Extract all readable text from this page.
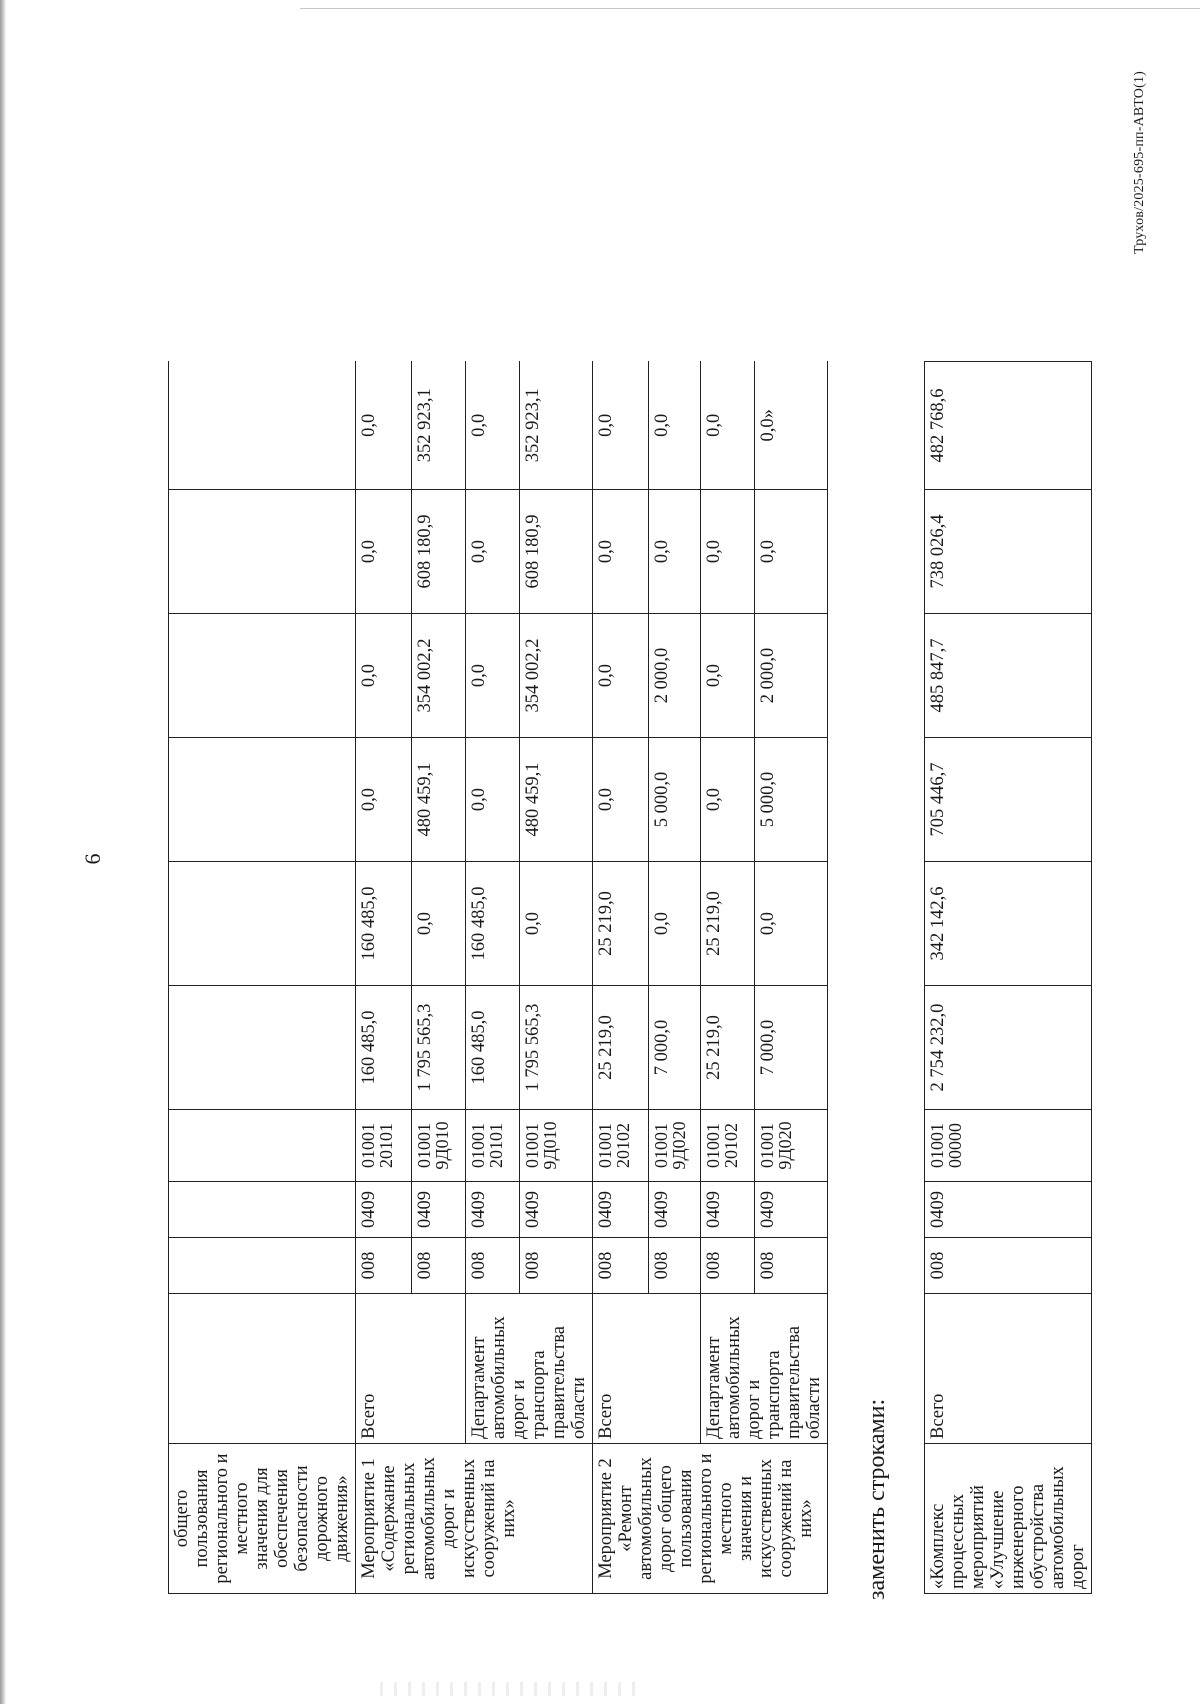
6
общего пользования регионального и местного значения для обеспечения безопасности дорожного движения»										
Мероприятие 1 «Содержание региональных автомобильных дорог и искусственных сооружений на них»	Всего	008	0409	01001 20101	160 485,0	160 485,0	0,0	0,0	0,0	0,0
		008	0409	01001 9Д010	1 795 565,3	0,0	480 459,1	354 002,2	608 180,9	352 923,1
	Департамент автомобильных дорог и транспорта правительства области	008	0409	01001 20101	160 485,0	160 485,0	0,0	0,0	0,0	0,0
		008	0409	01001 9Д010	1 795 565,3	0,0	480 459,1	354 002,2	608 180,9	352 923,1
Мероприятие 2 «Ремонт автомобильных дорог общего пользования регионального и местного значения и искусственных сооружений на них»	Всего	008	0409	01001 20102	25 219,0	25 219,0	0,0	0,0	0,0	0,0
		008	0409	01001 9Д020	7 000,0	0,0	5 000,0	2 000,0	0,0	0,0
	Департамент автомобильных дорог и транспорта правительства области	008	0409	01001 20102	25 219,0	25 219,0	0,0	0,0	0,0	0,0
		008	0409	01001 9Д020	7 000,0	0,0	5 000,0	2 000,0	0,0	0,0»
заменить строками: «Комплекс процессных мероприятий «Улучшение инженерного обустройства автомобильных дорог	Всего	008	0409	01001 00000	2 754 232,0	342 142,6	705 446,7	485 847,7	738 026,4	482 768,6
Трухов/2025-695-пп-АВТО(1)
